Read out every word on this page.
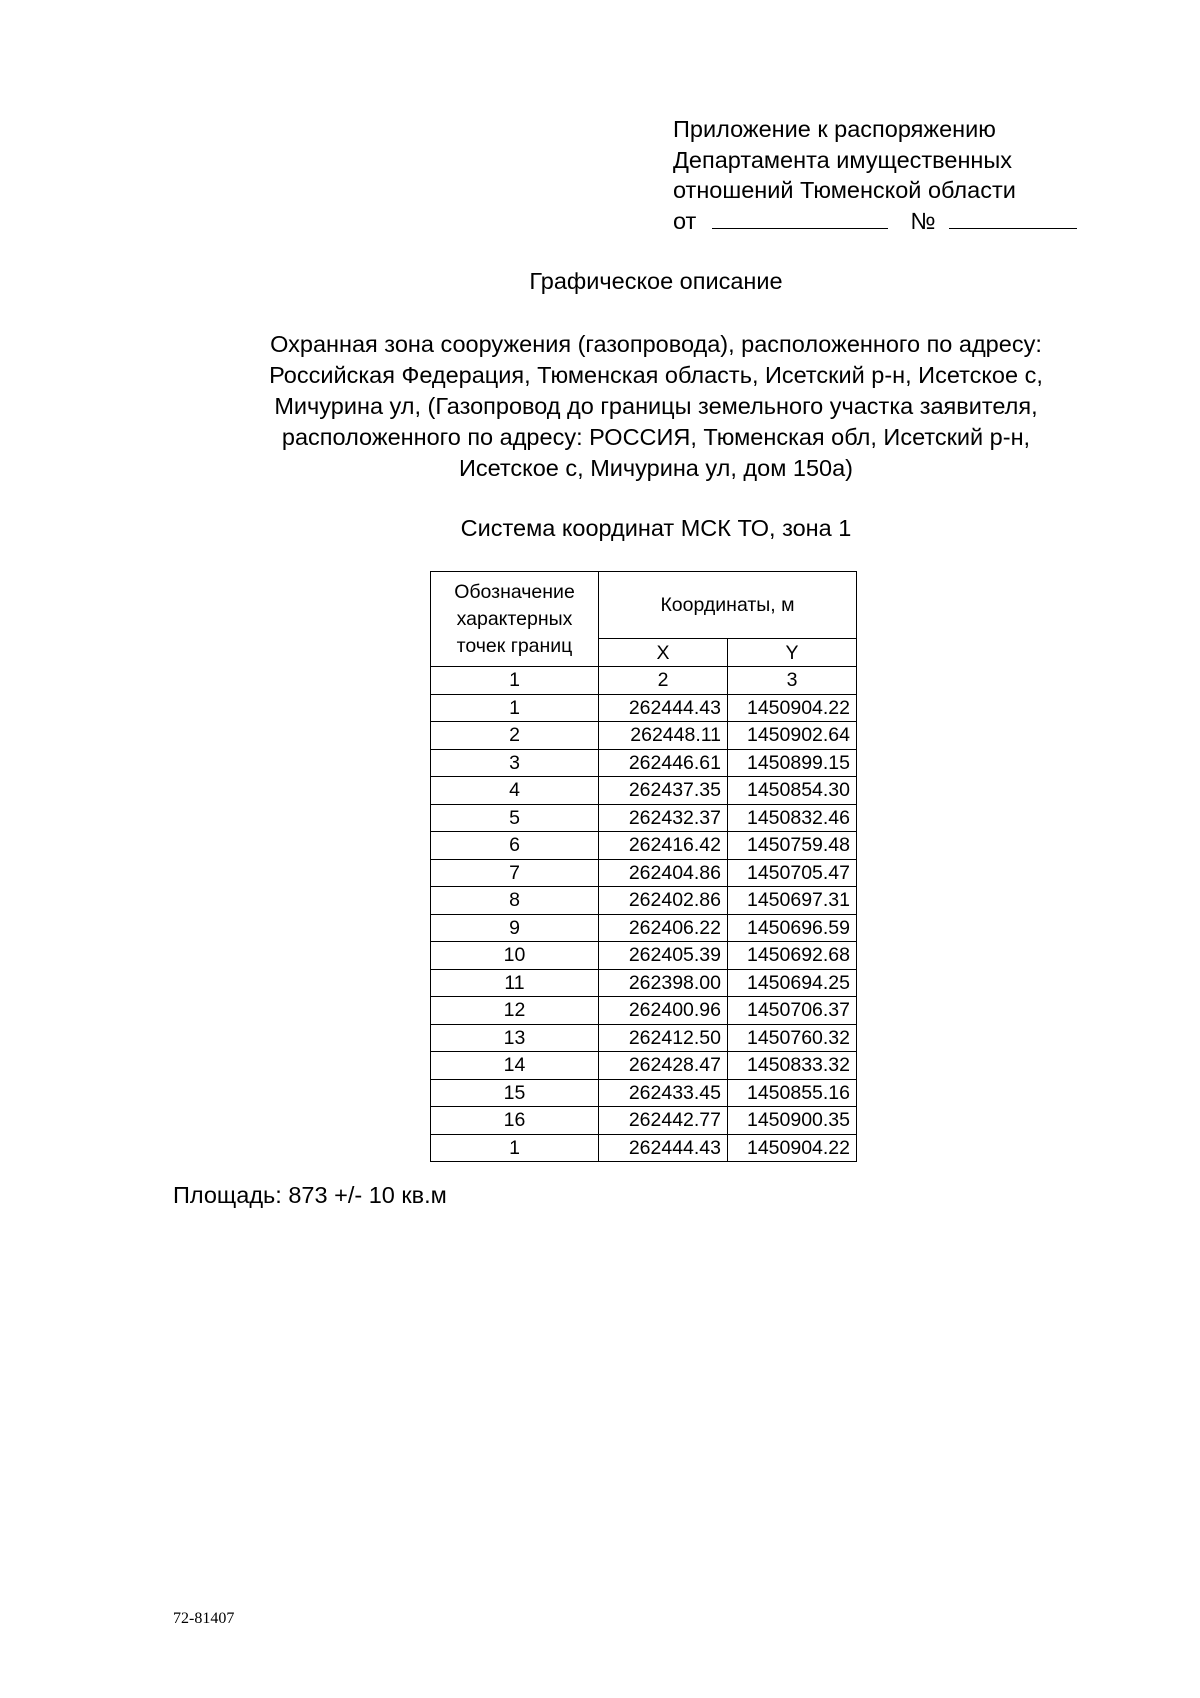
Приложение к распоряжению
Департамента имущественных
отношений Тюменской области
от	№
Графическое описание
Охранная зона сооружения (газопровода), расположенного по адресу:
Российская Федерация, Тюменская область, Исетский р-н, Исетское с,
Мичурина ул, (Газопровод до границы земельного участка заявителя,
расположенного по адресу: РОССИЯ, Тюменская обл, Исетский р-н,
Исетское с, Мичурина ул, дом 150а)
Система координат МСК ТО, зона 1
Обозначение
характерных
точек границ	Координаты, м	
	X	Y
1	2	3
1	262444.43	1450904.22
2	262448.11	1450902.64
3	262446.61	1450899.15
4	262437.35	1450854.30
5	262432.37	1450832.46
6	262416.42	1450759.48
7	262404.86	1450705.47
8	262402.86	1450697.31
9	262406.22	1450696.59
10	262405.39	1450692.68
11	262398.00	1450694.25
12	262400.96	1450706.37
13	262412.50	1450760.32
14	262428.47	1450833.32
15	262433.45	1450855.16
16	262442.77	1450900.35
1	262444.43	1450904.22
Площадь: 873 +/- 10 кв.м
72-81407
